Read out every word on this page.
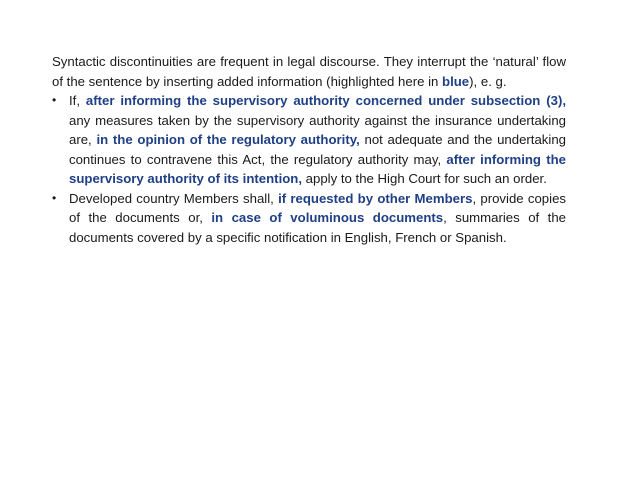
Syntactic discontinuities are frequent in legal discourse. They interrupt the ‘natural’ flow of the sentence by inserting added information (highlighted here in blue), e. g.

• If, after informing the supervisory authority concerned under subsection (3), any measures taken by the supervisory authority against the insurance undertaking are, in the opinion of the regulatory authority, not adequate and the undertaking continues to contravene this Act, the regulatory authority may, after informing the supervisory authority of its intention, apply to the High Court for such an order.
• Developed country Members shall, if requested by other Members, provide copies of the documents or, in case of voluminous documents, summaries of the documents covered by a specific notification in English, French or Spanish.
